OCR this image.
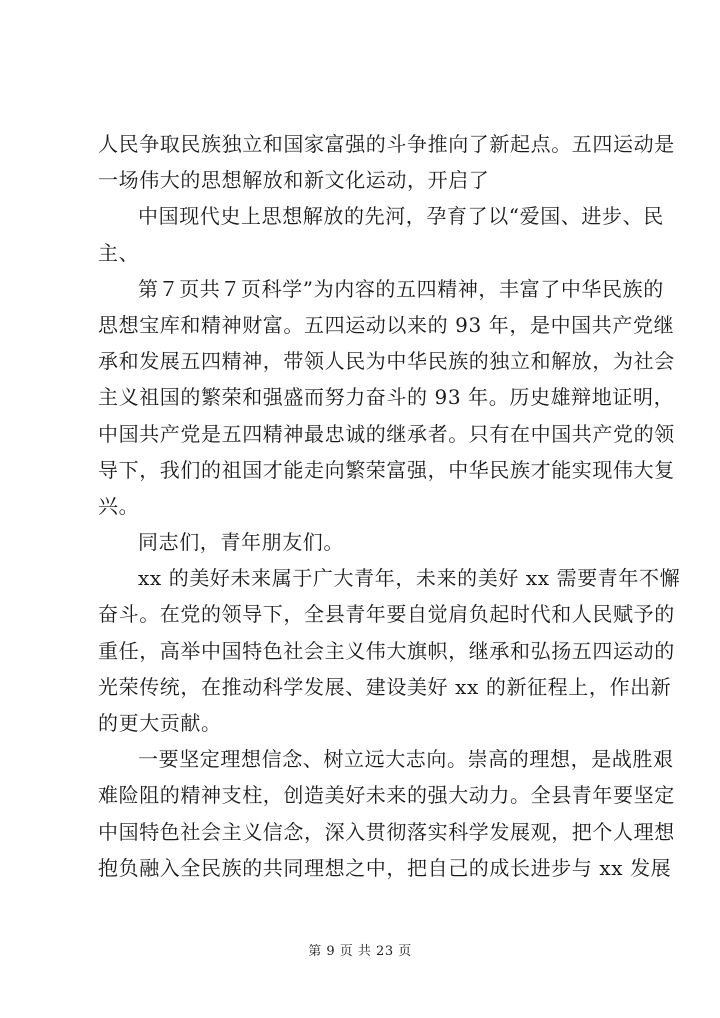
人民争取民族独立和国家富强的斗争推向了新起点。五四运动是
一场伟大的思想解放和新文化运动，开启了
中国现代史上思想解放的先河，孕育了以“爱国、进步、民
主、
第７页共７页科学”为内容的五四精神，丰富了中华民族的
思想宝库和精神财富。五四运动以来的 93 年，是中国共产党继
承和发展五四精神，带领人民为中华民族的独立和解放，为社会
主义祖国的繁荣和强盛而努力奋斗的 93 年。历史雄辩地证明，
中国共产党是五四精神最忠诚的继承者。只有在中国共产党的领
导下，我们的祖国才能走向繁荣富强，中华民族才能实现伟大复
兴。
同志们，青年朋友们。
xx 的美好未来属于广大青年，未来的美好 xx 需要青年不懈
奋斗。在党的领导下，全县青年要自觉肩负起时代和人民赋予的
重任，高举中国特色社会主义伟大旗帜，继承和弘扬五四运动的
光荣传统，在推动科学发展、建设美好 xx 的新征程上，作出新
的更大贡献。
一要坚定理想信念、树立远大志向。崇高的理想，是战胜艰
难险阻的精神支柱，创造美好未来的强大动力。全县青年要坚定
中国特色社会主义信念，深入贯彻落实科学发展观，把个人理想
抱负融入全民族的共同理想之中，把自己的成长进步与 xx 发展
第 9 页 共 23 页
